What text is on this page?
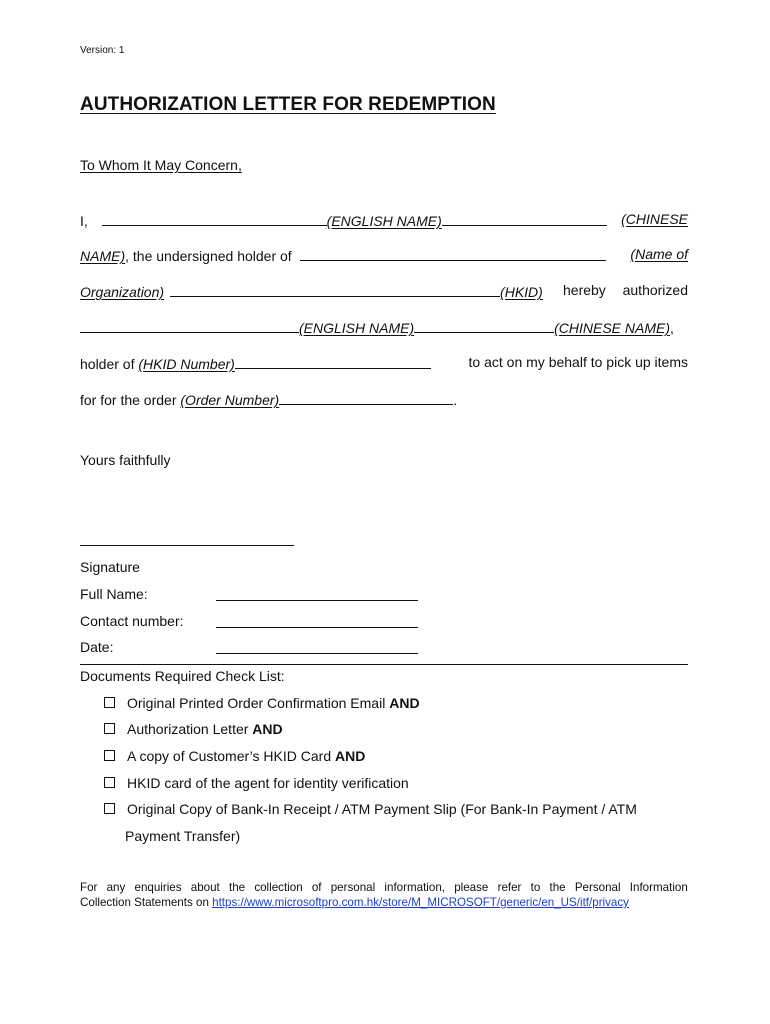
Version: 1
AUTHORIZATION LETTER FOR REDEMPTION
To Whom It May Concern,
I,	(ENGLISH NAME)	(CHINESE
NAME), the undersigned holder of	(Name of
Organization)	(HKID) hereby authorized
(ENGLISH NAME)	(CHINESE NAME),
holder of (HKID Number)	to act on my behalf to pick up items
for for the order (Order Number)	.
Yours faithfully
Signature
Full Name:
Contact number:
Date:
Documents Required Check List:
Original Printed Order Confirmation Email AND
Authorization Letter AND
A copy of Customer’s HKID Card AND
HKID card of the agent for identity verification
Original Copy of Bank-In Receipt / ATM Payment Slip (For Bank-In Payment / ATM
Payment Transfer)
For any enquiries about the collection of personal information, please refer to the Personal Information
Collection Statements on https://www.microsoftpro.com.hk/store/M_MICROSOFT/generic/en_US/itf/privacy
